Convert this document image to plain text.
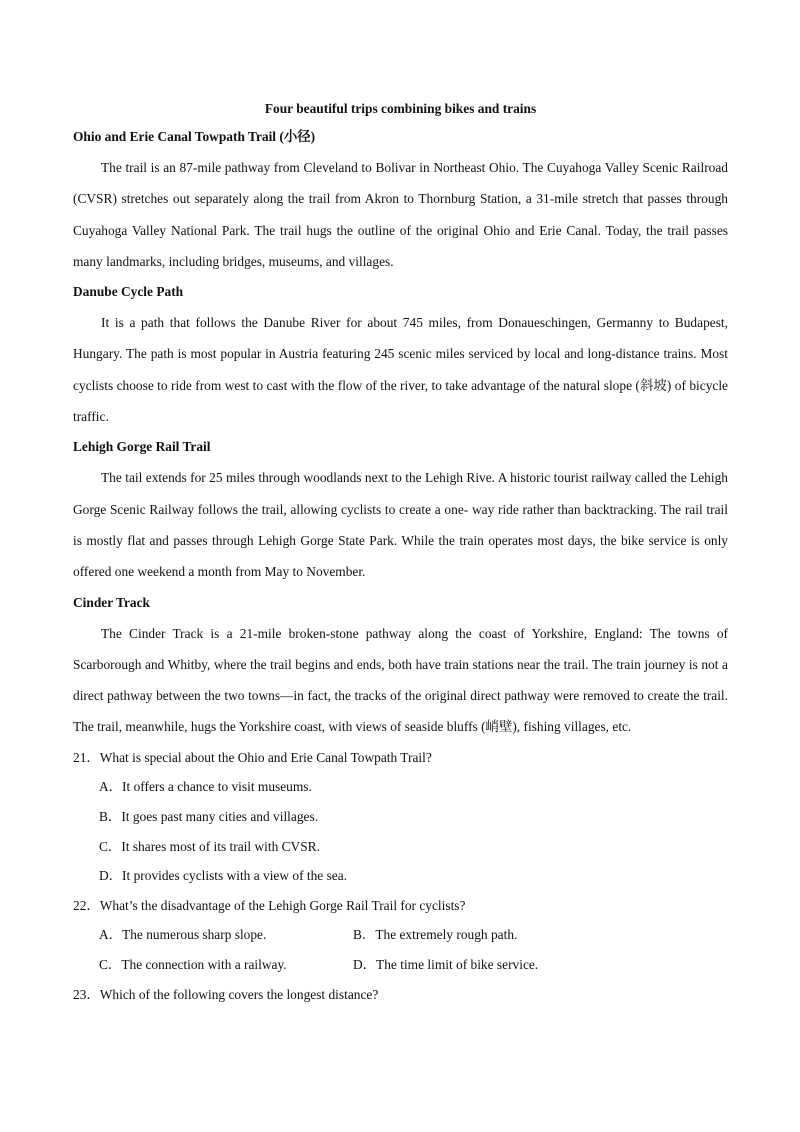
Four beautiful trips combining bikes and trains

Ohio and Erie Canal Towpath Trail (小径)

The trail is an 87-mile pathway from Cleveland to Bolivar in Northeast Ohio. The Cuyahoga Valley Scenic Railroad (CVSR) stretches out separately along the trail from Akron to Thornburg Station, a 31-mile stretch that passes through Cuyahoga Valley National Park. The trail hugs the outline of the original Ohio and Erie Canal. Today, the trail passes many landmarks, including bridges, museums, and villages.

Danube Cycle Path

It is a path that follows the Danube River for about 745 miles, from Donaueschingen, Germanny to Budapest, Hungary. The path is most popular in Austria featuring 245 scenic miles serviced by local and long-distance trains. Most cyclists choose to ride from west to cast with the flow of the river, to take advantage of the natural slope (斜坡) of bicycle traffic.

Lehigh Gorge Rail Trail

The tail extends for 25 miles through woodlands next to the Lehigh Rive. A historic tourist railway called the Lehigh Gorge Scenic Railway follows the trail, allowing cyclists to create a one- way ride rather than backtracking. The rail trail is mostly flat and passes through Lehigh Gorge State Park. While the train operates most days, the bike service is only offered one weekend a month from May to November.

Cinder Track

The Cinder Track is a 21-mile broken-stone pathway along the coast of Yorkshire, England: The towns of Scarborough and Whitby, where the trail begins and ends, both have train stations near the trail. The train journey is not a direct pathway between the two towns—in fact, the tracks of the original direct pathway were removed to create the trail. The trail, meanwhile, hugs the Yorkshire coast, with views of seaside bluffs (峭壁), fishing villages, etc.

21．What is special about the Ohio and Erie Canal Towpath Trail?

A．It offers a chance to visit museums.

B．It goes past many cities and villages.

C．It shares most of its trail with CVSR.

D．It provides cyclists with a view of the sea.

22．What’s the disadvantage of the Lehigh Gorge Rail Trail for cyclists?

A．The numerous sharp slope.	B．The extremely rough path.
C．The connection with a railway.	D．The time limit of bike service.

23．Which of the following covers the longest distance?
